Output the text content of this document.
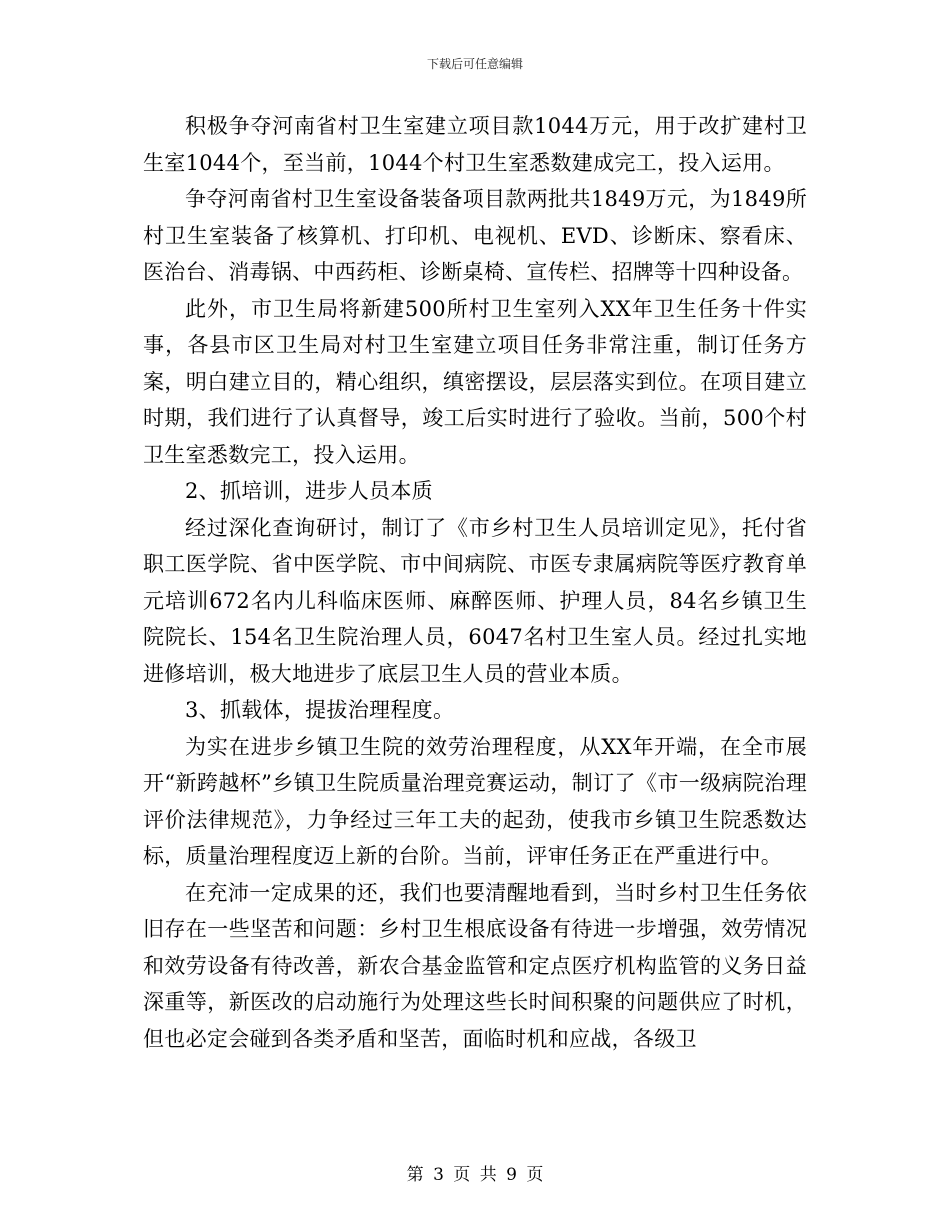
下载后可任意编辑

积极争夺河南省村卫生室建立项目款1044万元，用于改扩建村卫生室1044个，至当前，1044个村卫生室悉数建成完工，投入运用。

争夺河南省村卫生室设备装备项目款两批共1849万元，为1849所村卫生室装备了核算机、打印机、电视机、EVD、诊断床、察看床、医治台、消毒锅、中西药柜、诊断桌椅、宣传栏、招牌等十四种设备。

此外，市卫生局将新建500所村卫生室列入XX年卫生任务十件实事，各县市区卫生局对村卫生室建立项目任务非常注重，制订任务方案，明白建立目的，精心组织，缜密摆设，层层落实到位。在项目建立时期，我们进行了认真督导，竣工后实时进行了验收。当前，500个村卫生室悉数完工，投入运用。

2、抓培训，进步人员本质

经过深化查询研讨，制订了《市乡村卫生人员培训定见》，托付省职工医学院、省中医学院、市中间病院、市医专隶属病院等医疗教育单元培训672名内儿科临床医师、麻醉医师、护理人员，84名乡镇卫生院院长、154名卫生院治理人员，6047名村卫生室人员。经过扎实地进修培训，极大地进步了底层卫生人员的营业本质。

3、抓载体，提拔治理程度。

为实在进步乡镇卫生院的效劳治理程度，从XX年开端，在全市展开“新跨越杯”乡镇卫生院质量治理竞赛运动，制订了《市一级病院治理评价法律规范》，力争经过三年工夫的起劲，使我市乡镇卫生院悉数达标，质量治理程度迈上新的台阶。当前，评审任务正在严重进行中。

在充沛一定成果的还，我们也要清醒地看到，当时乡村卫生任务依旧存在一些坚苦和问题：乡村卫生根底设备有待进一步增强，效劳情况和效劳设备有待改善，新农合基金监管和定点医疗机构监管的义务日益深重等，新医改的启动施行为处理这些长时间积聚的问题供应了时机，但也必定会碰到各类矛盾和坚苦，面临时机和应战，各级卫

第 3 页 共 9 页
